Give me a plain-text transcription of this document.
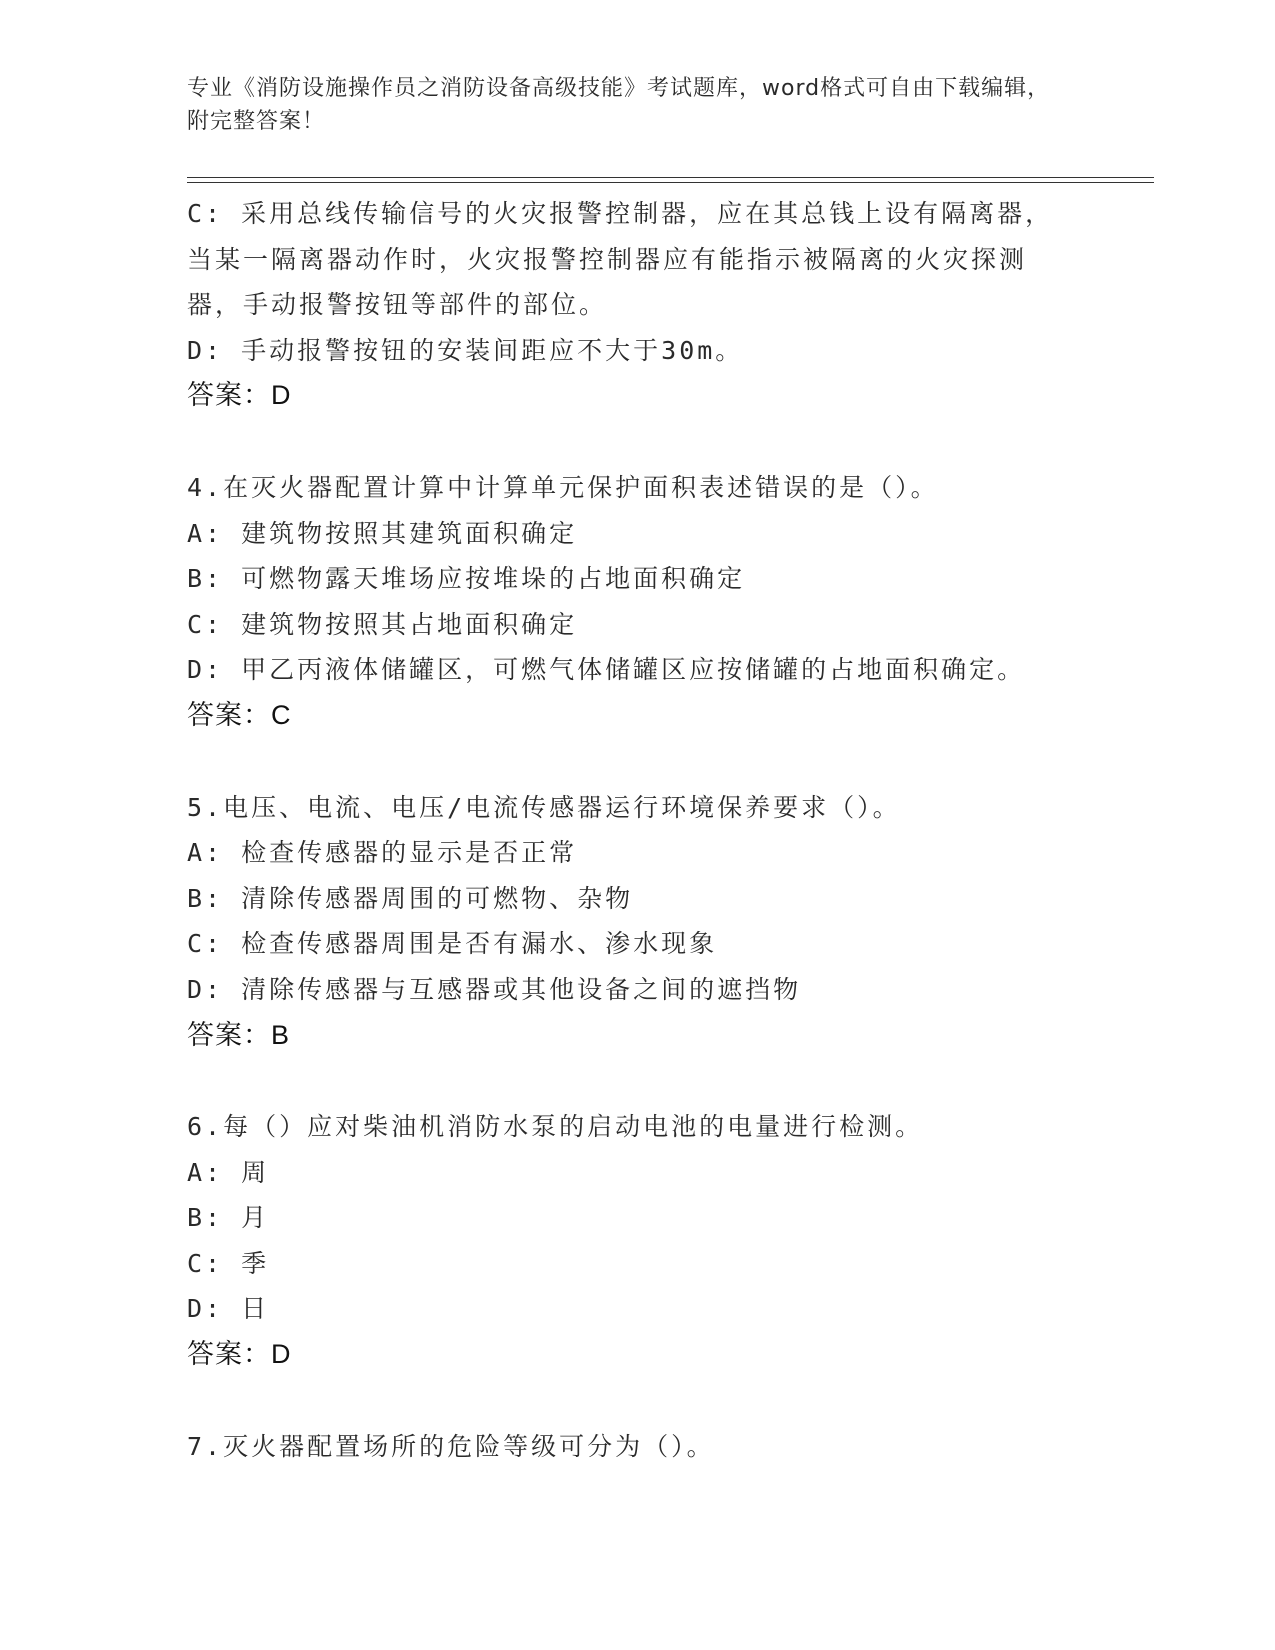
专业《消防设施操作员之消防设备高级技能》考试题库，word格式可自由下载编辑，附完整答案！
C: 采用总线传输信号的火灾报警控制器，应在其总钱上设有隔离器，
当某一隔离器动作时，火灾报警控制器应有能指示被隔离的火灾探测
器，手动报警按钮等部件的部位。
D: 手动报警按钮的安装间距应不大于30m。
答案：D
4.在灭火器配置计算中计算单元保护面积表述错误的是（）。
A: 建筑物按照其建筑面积确定
B: 可燃物露天堆场应按堆垛的占地面积确定
C: 建筑物按照其占地面积确定
D: 甲乙丙液体储罐区，可燃气体储罐区应按储罐的占地面积确定。
答案：C
5.电压、电流、电压/电流传感器运行环境保养要求（）。
A: 检查传感器的显示是否正常
B: 清除传感器周围的可燃物、杂物
C: 检查传感器周围是否有漏水、渗水现象
D: 清除传感器与互感器或其他设备之间的遮挡物
答案：B
6.每（）应对柴油机消防水泵的启动电池的电量进行检测。
A: 周
B: 月
C: 季
D: 日
答案：D
7.灭火器配置场所的危险等级可分为（）。
